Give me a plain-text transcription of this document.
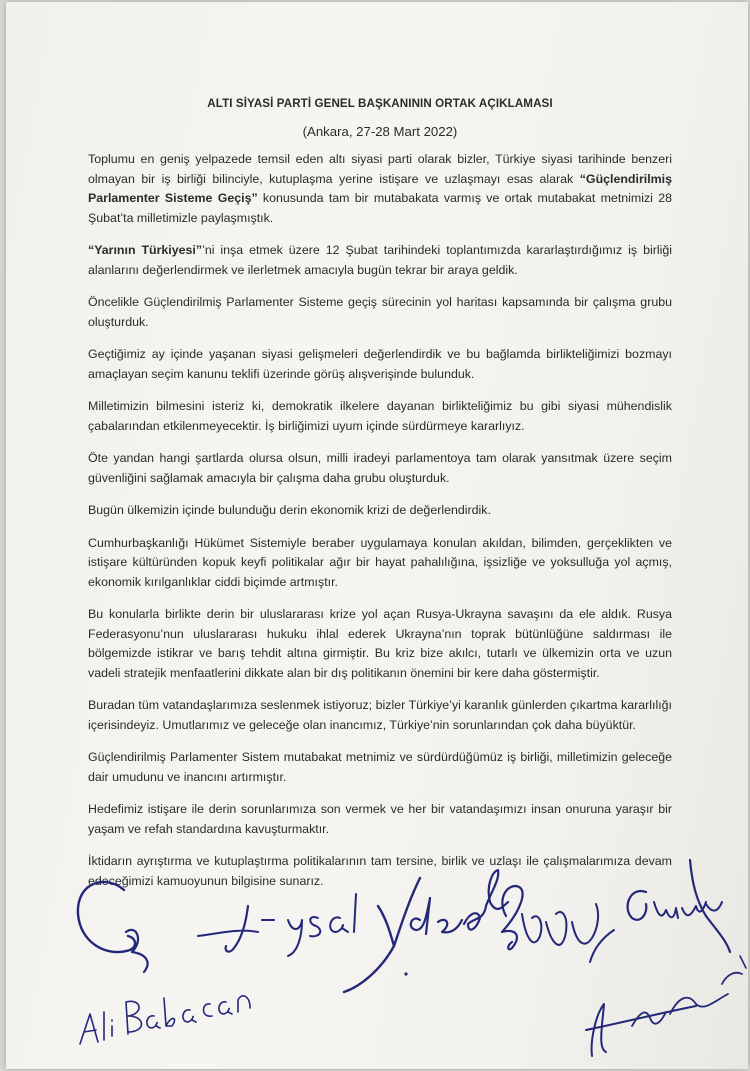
ALTI SİYASİ PARTİ GENEL BAŞKANININ ORTAK AÇIKLAMASI
(Ankara, 27-28 Mart 2022)

Toplumu en geniş yelpazede temsil eden altı siyasi parti olarak bizler, Türkiye siyasi tarihinde benzeri olmayan bir iş birliği bilinciyle, kutuplaşma yerine istişare ve uzlaşmayı esas alarak “Güçlendirilmiş Parlamenter Sisteme Geçiş” konusunda tam bir mutabakata varmış ve ortak mutabakat metnimizi 28 Şubat’ta milletimizle paylaşmıştık.

“Yarının Türkiyesi”’ni inşa etmek üzere 12 Şubat tarihindeki toplantımızda kararlaştırdığımız iş birliği alanlarını değerlendirmek ve ilerletmek amacıyla bugün tekrar bir araya geldik.

Öncelikle Güçlendirilmiş Parlamenter Sisteme geçiş sürecinin yol haritası kapsamında bir çalışma grubu oluşturduk.

Geçtiğimiz ay içinde yaşanan siyasi gelişmeleri değerlendirdik ve bu bağlamda birlikteliğimizi bozmayı amaçlayan seçim kanunu teklifi üzerinde görüş alışverişinde bulunduk.

Milletimizin bilmesini isteriz ki, demokratik ilkelere dayanan birlikteliğimiz bu gibi siyasi mühendislik çabalarından etkilenmeyecektir. İş birliğimizi uyum içinde sürdürmeye kararlıyız.

Öte yandan hangi şartlarda olursa olsun, milli iradeyi parlamentoya tam olarak yansıtmak üzere seçim güvenliğini sağlamak amacıyla bir çalışma daha grubu oluşturduk.

Bugün ülkemizin içinde bulunduğu derin ekonomik krizi de değerlendirdik.

Cumhurbaşkanlığı Hükümet Sistemiyle beraber uygulamaya konulan akıldan, bilimden, gerçeklikten ve istişare kültüründen kopuk keyfi politikalar ağır bir hayat pahalılığına, işsizliğe ve yoksulluğa yol açmış, ekonomik kırılganlıklar ciddi biçimde artmıştır.

Bu konularla birlikte derin bir uluslararası krize yol açan Rusya-Ukrayna savaşını da ele aldık. Rusya Federasyonu’nun uluslararası hukuku ihlal ederek Ukrayna’nın toprak bütünlüğüne saldırması ile bölgemizde istikrar ve barış tehdit altına girmiştir. Bu kriz bize akılcı, tutarlı ve ülkemizin orta ve uzun vadeli stratejik menfaatlerini dikkate alan bir dış politikanın önemini bir kere daha göstermiştir.

Buradan tüm vatandaşlarımıza seslenmek istiyoruz; bizler Türkiye’yi karanlık günlerden çıkartma kararlılığı içerisindeyiz. Umutlarımız ve geleceğe olan inancımız, Türkiye’nin sorunlarından çok daha büyüktür.

Güçlendirilmiş Parlamenter Sistem mutabakat metnimiz ve sürdürdüğümüz iş birliği, milletimizin geleceğe dair umudunu ve inancını artırmıştır.

Hedefimiz istişare ile derin sorunlarımıza son vermek ve her bir vatandaşımızı insan onuruna yaraşır bir yaşam ve refah standardına kavuşturmaktır.

İktidarın ayrıştırma ve kutuplaştırma politikalarının tam tersine, birlik ve uzlaşı ile çalışmalarımıza devam edeceğimizi kamuoyunun bilgisine sunarız.
